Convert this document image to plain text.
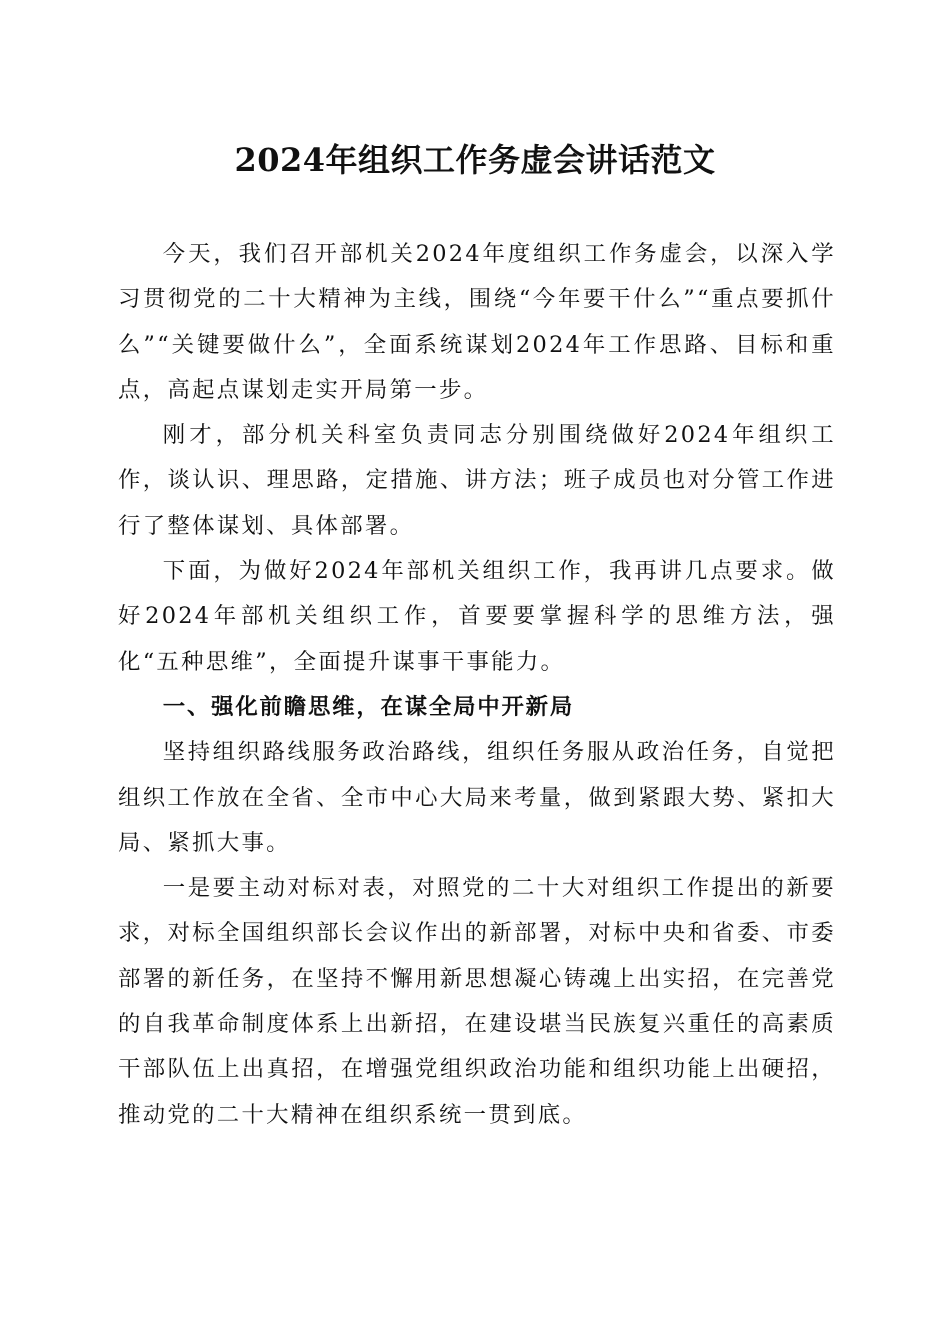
2024年组织工作务虚会讲话范文

今天，我们召开部机关2024年度组织工作务虚会，以深入学习贯彻党的二十大精神为主线，围绕“今年要干什么”“重点要抓什么”“关键要做什么”，全面系统谋划2024年工作思路、目标和重点，高起点谋划走实开局第一步。

刚才，部分机关科室负责同志分别围绕做好2024年组织工作，谈认识、理思路，定措施、讲方法；班子成员也对分管工作进行了整体谋划、具体部署。

下面，为做好2024年部机关组织工作，我再讲几点要求。做好2024年部机关组织工作，首要要掌握科学的思维方法，强化“五种思维”，全面提升谋事干事能力。

一、强化前瞻思维，在谋全局中开新局

坚持组织路线服务政治路线，组织任务服从政治任务，自觉把组织工作放在全省、全市中心大局来考量，做到紧跟大势、紧扣大局、紧抓大事。

一是要主动对标对表，对照党的二十大对组织工作提出的新要求，对标全国组织部长会议作出的新部署，对标中央和省委、市委部署的新任务，在坚持不懈用新思想凝心铸魂上出实招，在完善党的自我革命制度体系上出新招，在建设堪当民族复兴重任的高素质干部队伍上出真招，在增强党组织政治功能和组织功能上出硬招，推动党的二十大精神在组织系统一贯到底。
